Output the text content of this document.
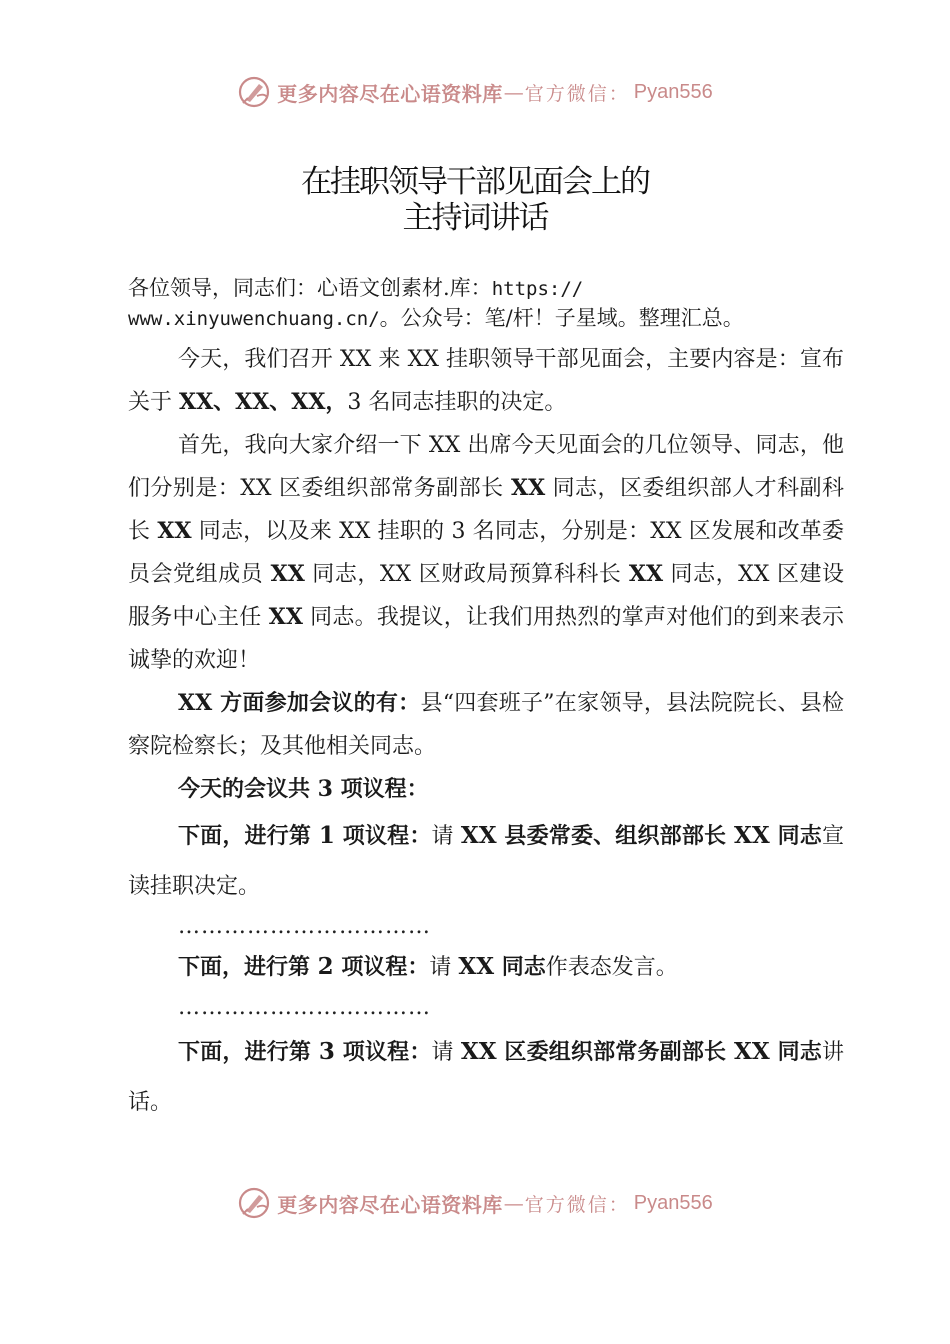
更多内容尽在心语资料库 — 官方微信： Pyan556
在挂职领导干部见面会上的
主持词讲话

各位领导，同志们：心语文创素材.库：https://
www.xinyuwenchuang.cn/。公众号：笔/杆！子星域。整理汇总。

今天，我们召开 XX 来 XX 挂职领导干部见面会，主要内容是：宣布关于 XX、XX、XX，3 名同志挂职的决定。

首先，我向大家介绍一下 XX 出席今天见面会的几位领导、同志，他们分别是：XX 区委组织部常务副部长 XX 同志，区委组织部人才科副科长 XX 同志，以及来 XX 挂职的 3 名同志，分别是：XX 区发展和改革委员会党组成员 XX 同志，XX 区财政局预算科科长 XX 同志，XX 区建设服务中心主任 XX 同志。我提议，让我们用热烈的掌声对他们的到来表示诚挚的欢迎！

XX 方面参加会议的有：县“四套班子”在家领导，县法院院长、县检察院检察长；及其他相关同志。

今天的会议共 3 项议程：

下面，进行第 1 项议程：请 XX 县委常委、组织部部长 XX 同志宣读挂职决定。

……………………………

下面，进行第 2 项议程：请 XX 同志作表态发言。

……………………………

下面，进行第 3 项议程：请 XX 区委组织部常务副部长 XX 同志讲话。

更多内容尽在心语资料库 — 官方微信： Pyan556
